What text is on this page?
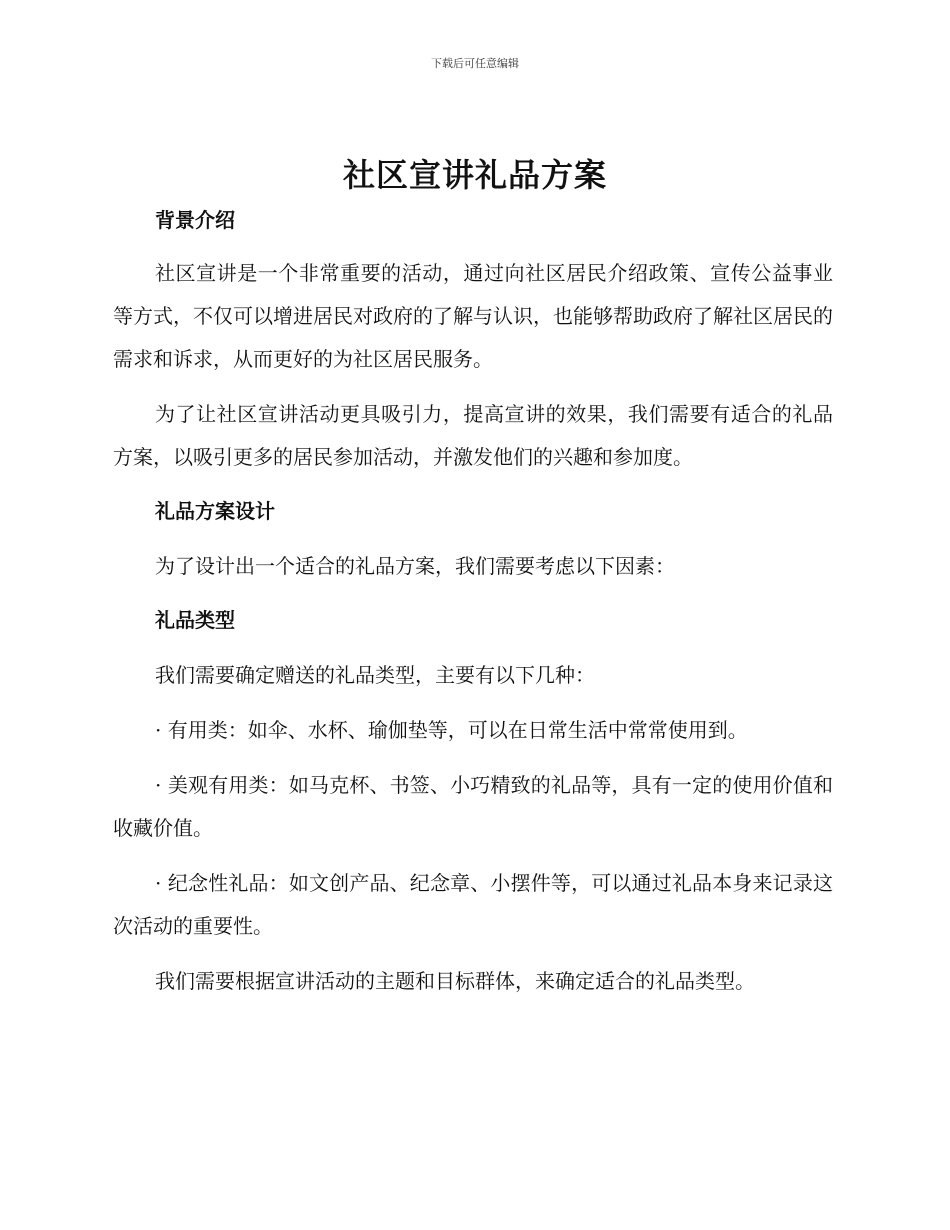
下载后可任意编辑
社区宣讲礼品方案

背景介绍

社区宣讲是一个非常重要的活动，通过向社区居民介绍政策、宣传公益事业等方式，不仅可以增进居民对政府的了解与认识，也能够帮助政府了解社区居民的需求和诉求，从而更好的为社区居民服务。

为了让社区宣讲活动更具吸引力，提高宣讲的效果，我们需要有适合的礼品方案，以吸引更多的居民参加活动，并激发他们的兴趣和参加度。

礼品方案设计

为了设计出一个适合的礼品方案，我们需要考虑以下因素：

礼品类型

我们需要确定赠送的礼品类型，主要有以下几种：

· 有用类：如伞、水杯、瑜伽垫等，可以在日常生活中常常使用到。

· 美观有用类：如马克杯、书签、小巧精致的礼品等，具有一定的使用价值和收藏价值。

· 纪念性礼品：如文创产品、纪念章、小摆件等，可以通过礼品本身来记录这次活动的重要性。

我们需要根据宣讲活动的主题和目标群体，来确定适合的礼品类型。
